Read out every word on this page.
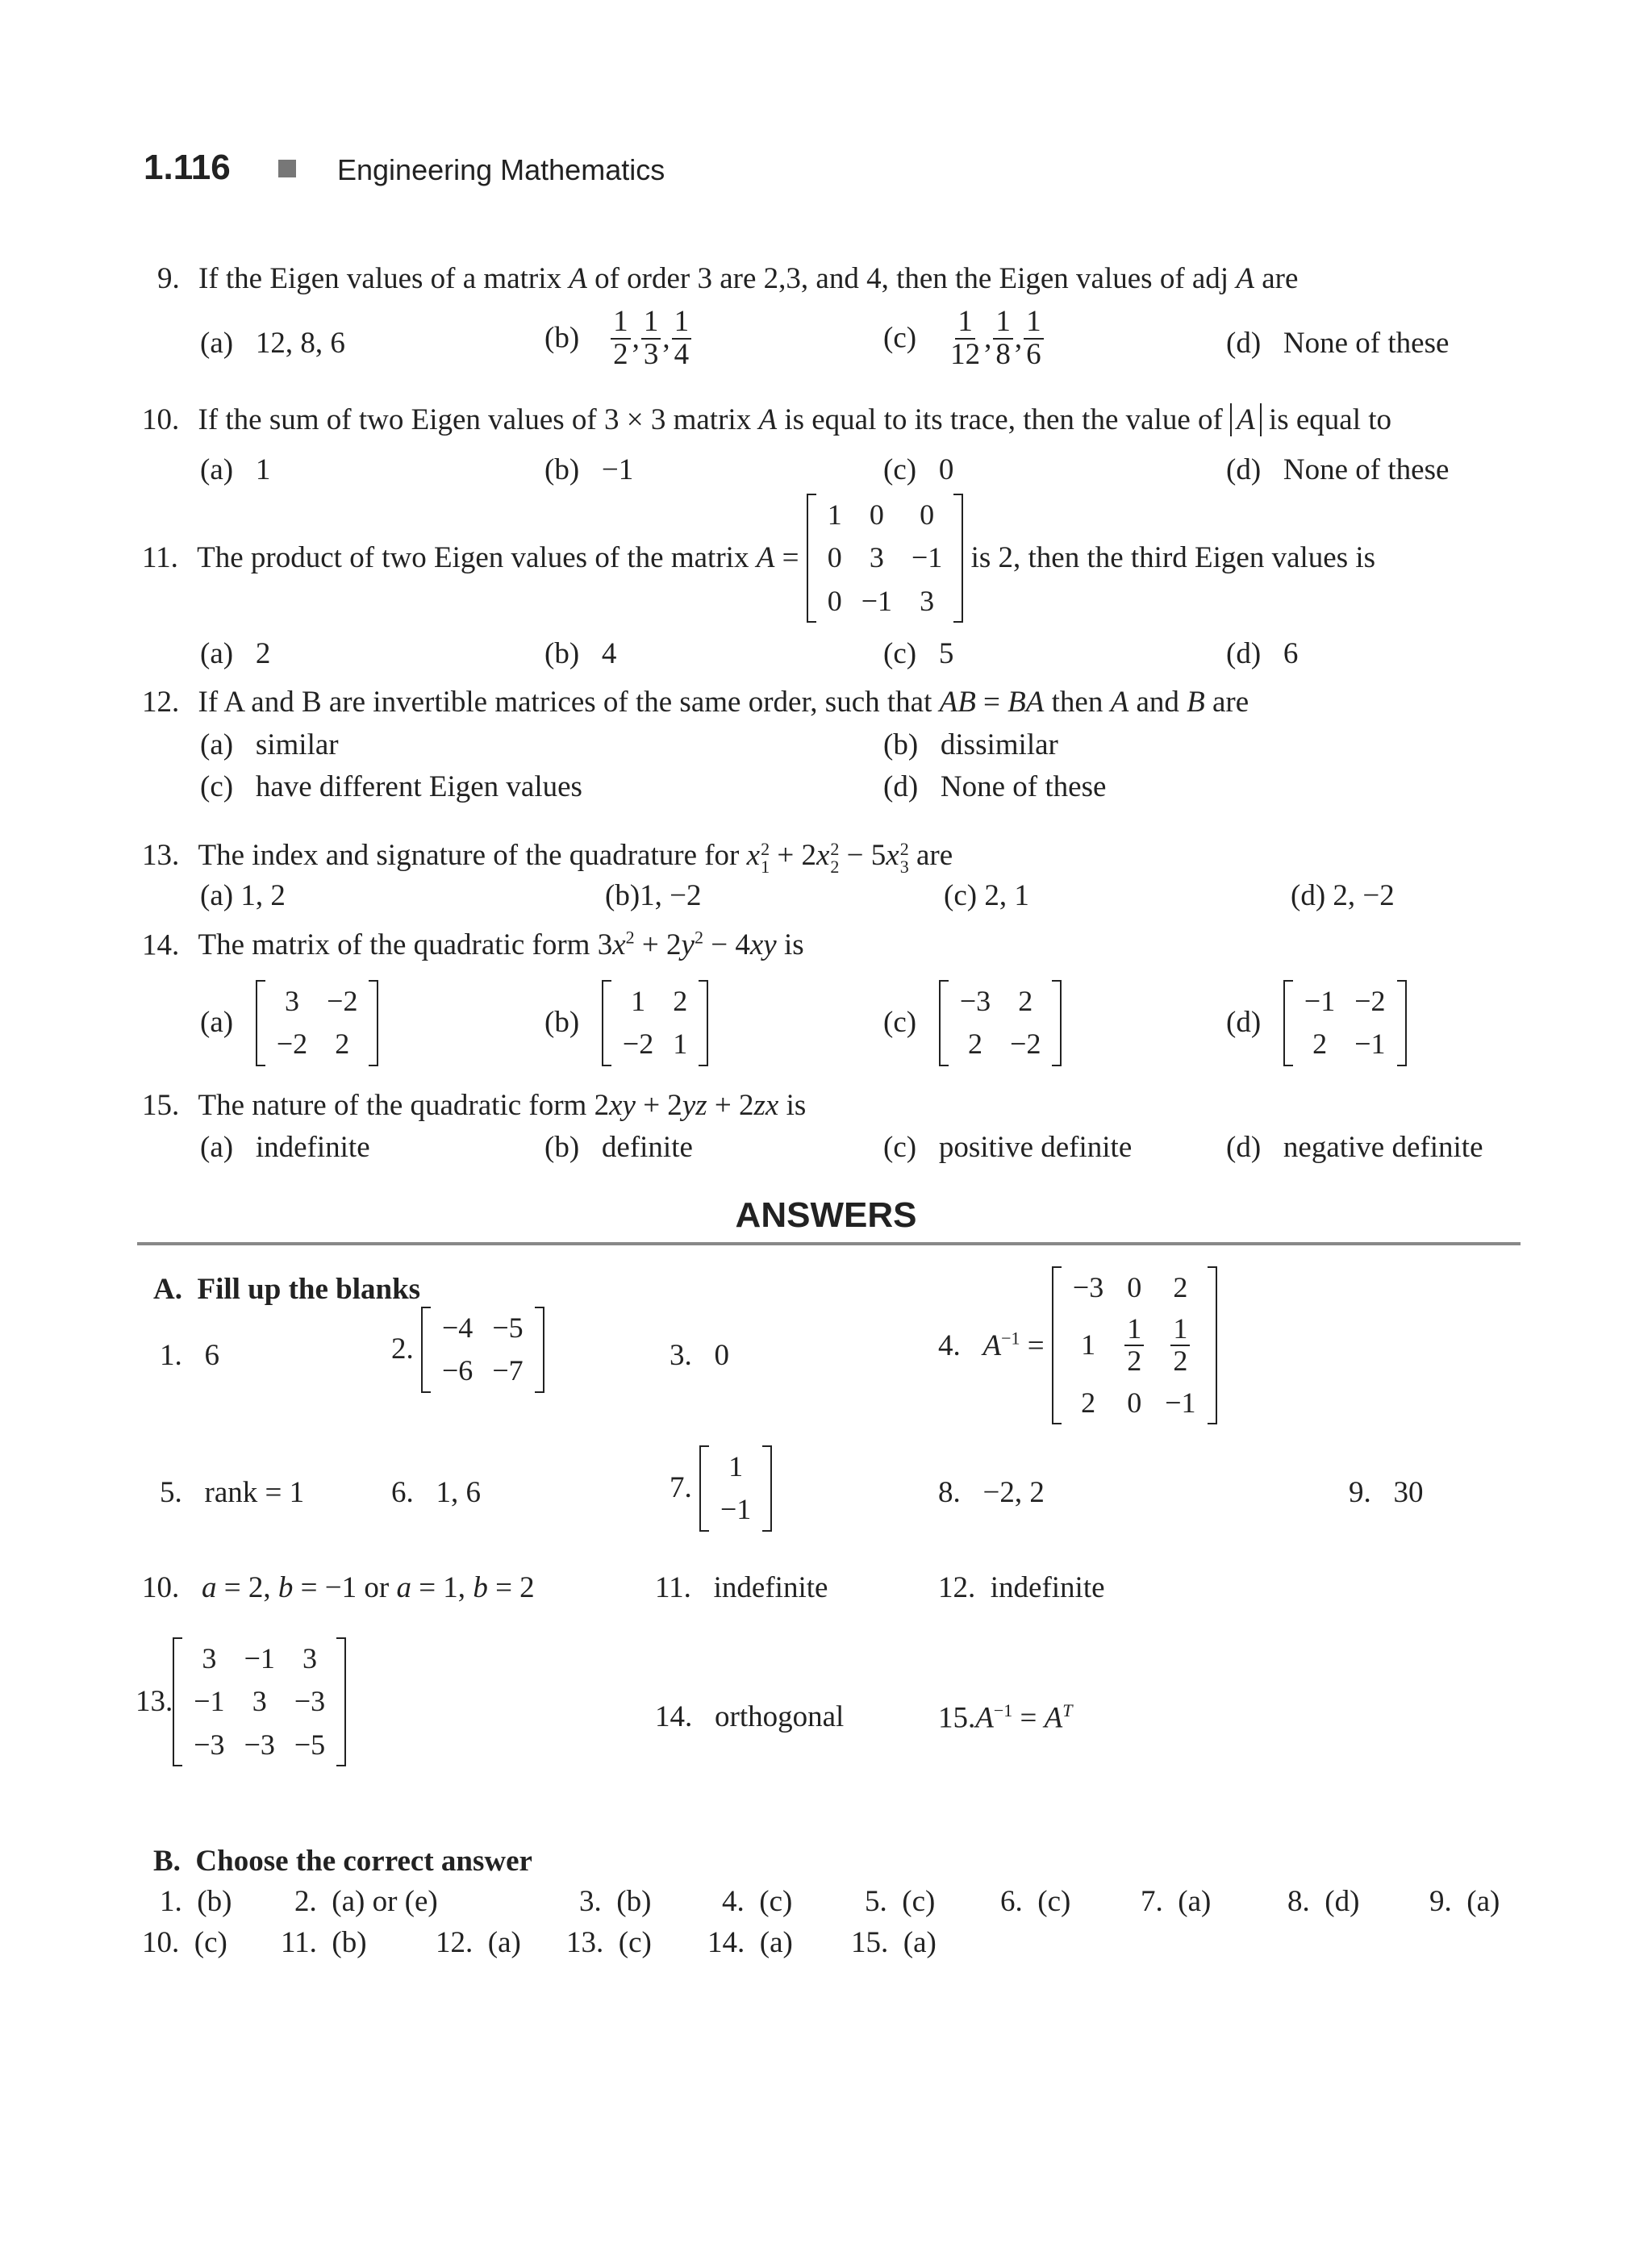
1.116	Engineering Mathematics
9. If the Eigen values of a matrix A of order 3 are 2,3, and 4, then the Eigen values of adj A are
(a)   12, 8, 6	$(b) \frac{1}{2}$ , $\frac{1}{3}$ , $\frac{1}{4}$	$(c) \frac{1}{12}$ , $\frac{1}{8}$ , $\frac{1}{6}$	(d)   None of these
10. If the sum of two Eigen values of 3 × 3 matrix A is equal to its trace, then the value of A is equal to
(a)   1	(b)   −1	(c)   0	(d)   None of these
11. The product of two Eigen values of the matrix A =
1	0	0
0	3	−1
0	−1	3
is 2, then the third Eigen values is
(a)   2	(b)   4	(c)   5	(d)   6
12. If A and B are invertible matrices of the same order, such that AB = BA then A and B are
(a)   similar	(b)   dissimilar
(c)   have different Eigen values	(d)   None of these
13. The index and signature of the quadrature for x 2
1 + 2x 2
2 − 5x 2
3 are
(a) 1, 2	(b)1, −2	(c) 2, 1	(d) 2, −2
14. The matrix of the quadratic form $3x^2 + 2y^2 - 4xy$ is
(a)
3	−2
−2	2
(b)
1	2
−2	1
(c)
−3	2
2	−2
(d)
−1	−2
2	−1
15. The nature of the quadratic form 2xy + 2yz + 2zx is
(a)   indefinite	(b)   definite	(c)   positive definite	(d)   negative definite
ANSWERS
A.  Fill up the blanks
1.   6	2.
−4	−5
−6	−7	3.   0	4.   $A^{-1}$ =
−3	0	2
1	$\frac{1}{2}$	$\frac{1}{2}$

2	0	−1
5.   rank = 1	6.   1, 6	7.
1
−1
8.   −2, 2	9.   30
10.   a = 2, b = −1 or a = 1, b = 2	11.   indefinite	12.  indefinite
13.
3	−1	3
−1	3	−3
−3	−3	−5
14.   orthogonal	$15.A^{-1} = A^T$
B.  Choose the correct answer
1.  (b) 2.  (a) or (e)	3.  (b) 4.  (c) 5.  (c) 6.  (c) 7.  (a)	8.  (d) 9.  (a)
10.  (c) 11.  (b) 12.  (a) 13.  (c) 14.  (a) 15.  (a)
